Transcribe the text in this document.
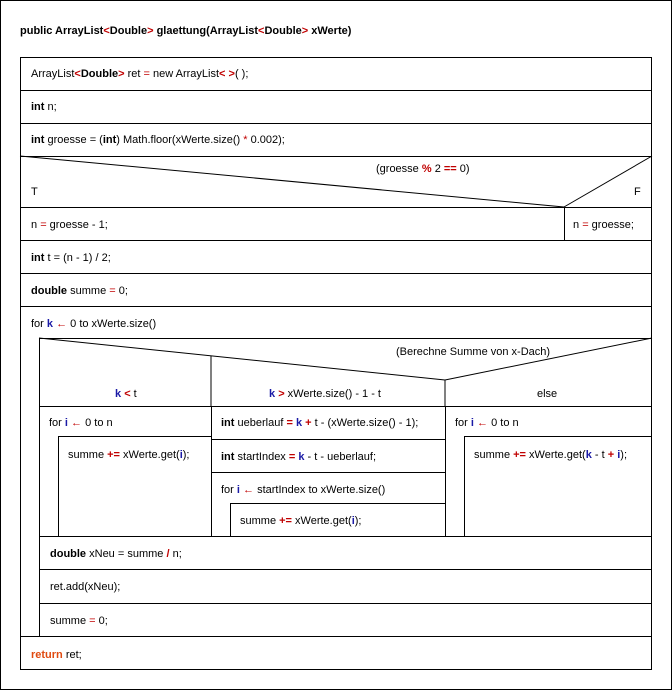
public ArrayList<Double> glaettung(ArrayList<Double> xWerte)
ArrayList<Double> ret = new ArrayList< >( );
int n;
int groesse = (int) Math.floor(xWerte.size() * 0.002);
(groesse % 2 == 0)
T	F
n = groesse - 1;	n = groesse;
int t = (n - 1) / 2;
double summe = 0;
for k ← 0 to xWerte.size()
(Berechne Summe von x-Dach)
k < t	k > xWerte.size() - 1 - t	else
for i ← 0 to n
summe += xWerte.get(i);
int ueberlauf = k + t - (xWerte.size() - 1);
int startIndex = k - t - ueberlauf;
for i ← startIndex to xWerte.size()
summe += xWerte.get(i);
for i ← 0 to n
summe += xWerte.get(k - t + i);
double xNeu = summe / n;
ret.add(xNeu);
summe = 0;
return ret;
